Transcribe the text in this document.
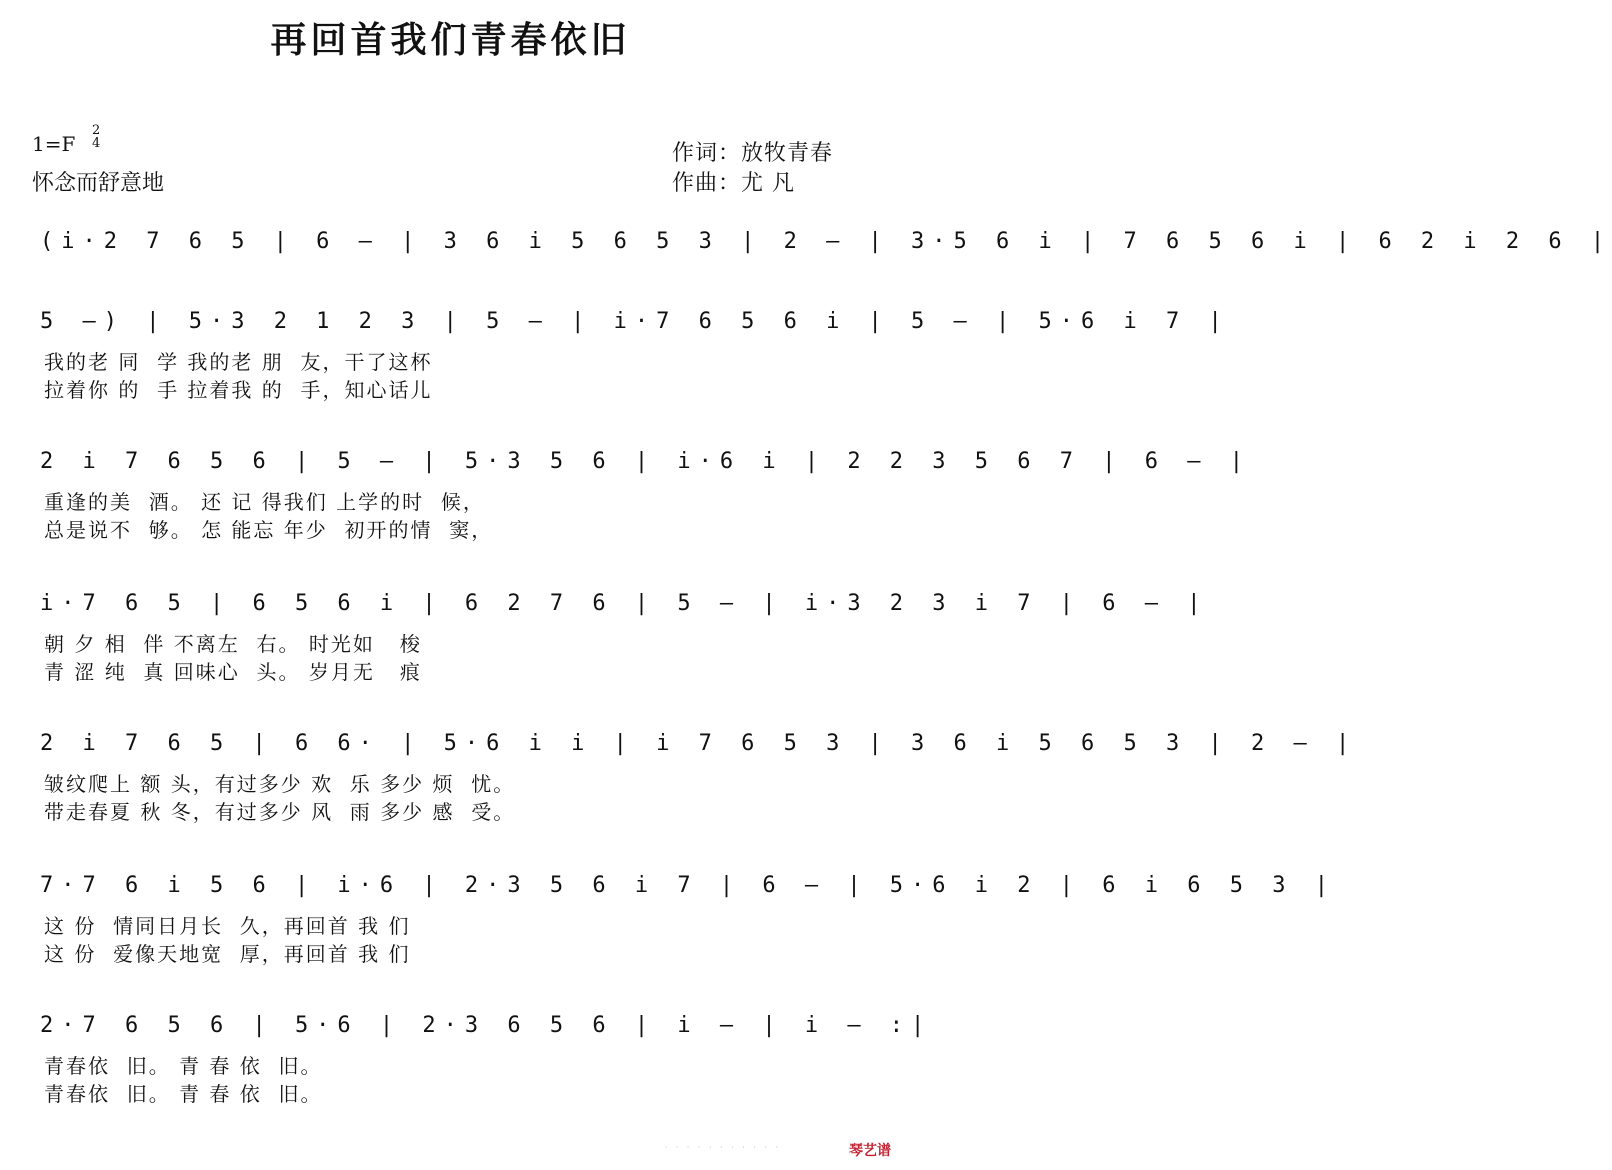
再回首我们青春依旧
1=F
2
4
怀念而舒意地
作词：放牧青春
作曲：尤 凡
(i·2 7 6 5 | 6 – | 3 6 i 5 6 5 3 | 2 – | 3·5 6 i | 7 6 5 6 i | 6 2 i 2 6 |
5 –) | 5·3 2 1 2 3 | 5 – | i·7 6 5 6 i | 5 – | 5·6 i 7 |
我的老 同  学 我的老 朋  友，干了这杯
拉着你 的  手 拉着我 的  手，知心话儿
2 i 7 6 5 6 | 5 – | 5·3 5 6 | i·6 i | 2 2 3 5 6 7 | 6 – |
重逢的美  酒。 还 记 得我们 上学的时  候，
总是说不  够。 怎 能忘 年少  初开的情  窦，
i·7 6 5 | 6 5 6 i | 6 2 7 6 | 5 – | i·3 2 3 i 7 | 6 – |
朝 夕 相  伴 不离左  右。 时光如   梭
青 涩 纯  真 回味心  头。 岁月无   痕
2 i 7 6 5 | 6 6· | 5·6 i i | i 7 6 5 3 | 3 6 i 5 6 5 3 | 2 – |
皱纹爬上 额 头，有过多少 欢  乐 多少 烦  忧。
带走春夏 秋 冬，有过多少 风  雨 多少 感  受。
7·7 6 i 5 6 | i·6 | 2·3 5 6 i 7 | 6 – | 5·6 i 2 | 6 i 6 5 3 |
这 份  情同日月长  久，再回首 我 们
这 份  爱像天地宽  厚，再回首 我 们
2·7 6 5 6 | 5·6 | 2·3 6 5 6 | i – | i – :|
青春依  旧。 青 春 依  旧。
青春依  旧。 青 春 依  旧。
· · · · · · · · · · ·	琴艺谱
